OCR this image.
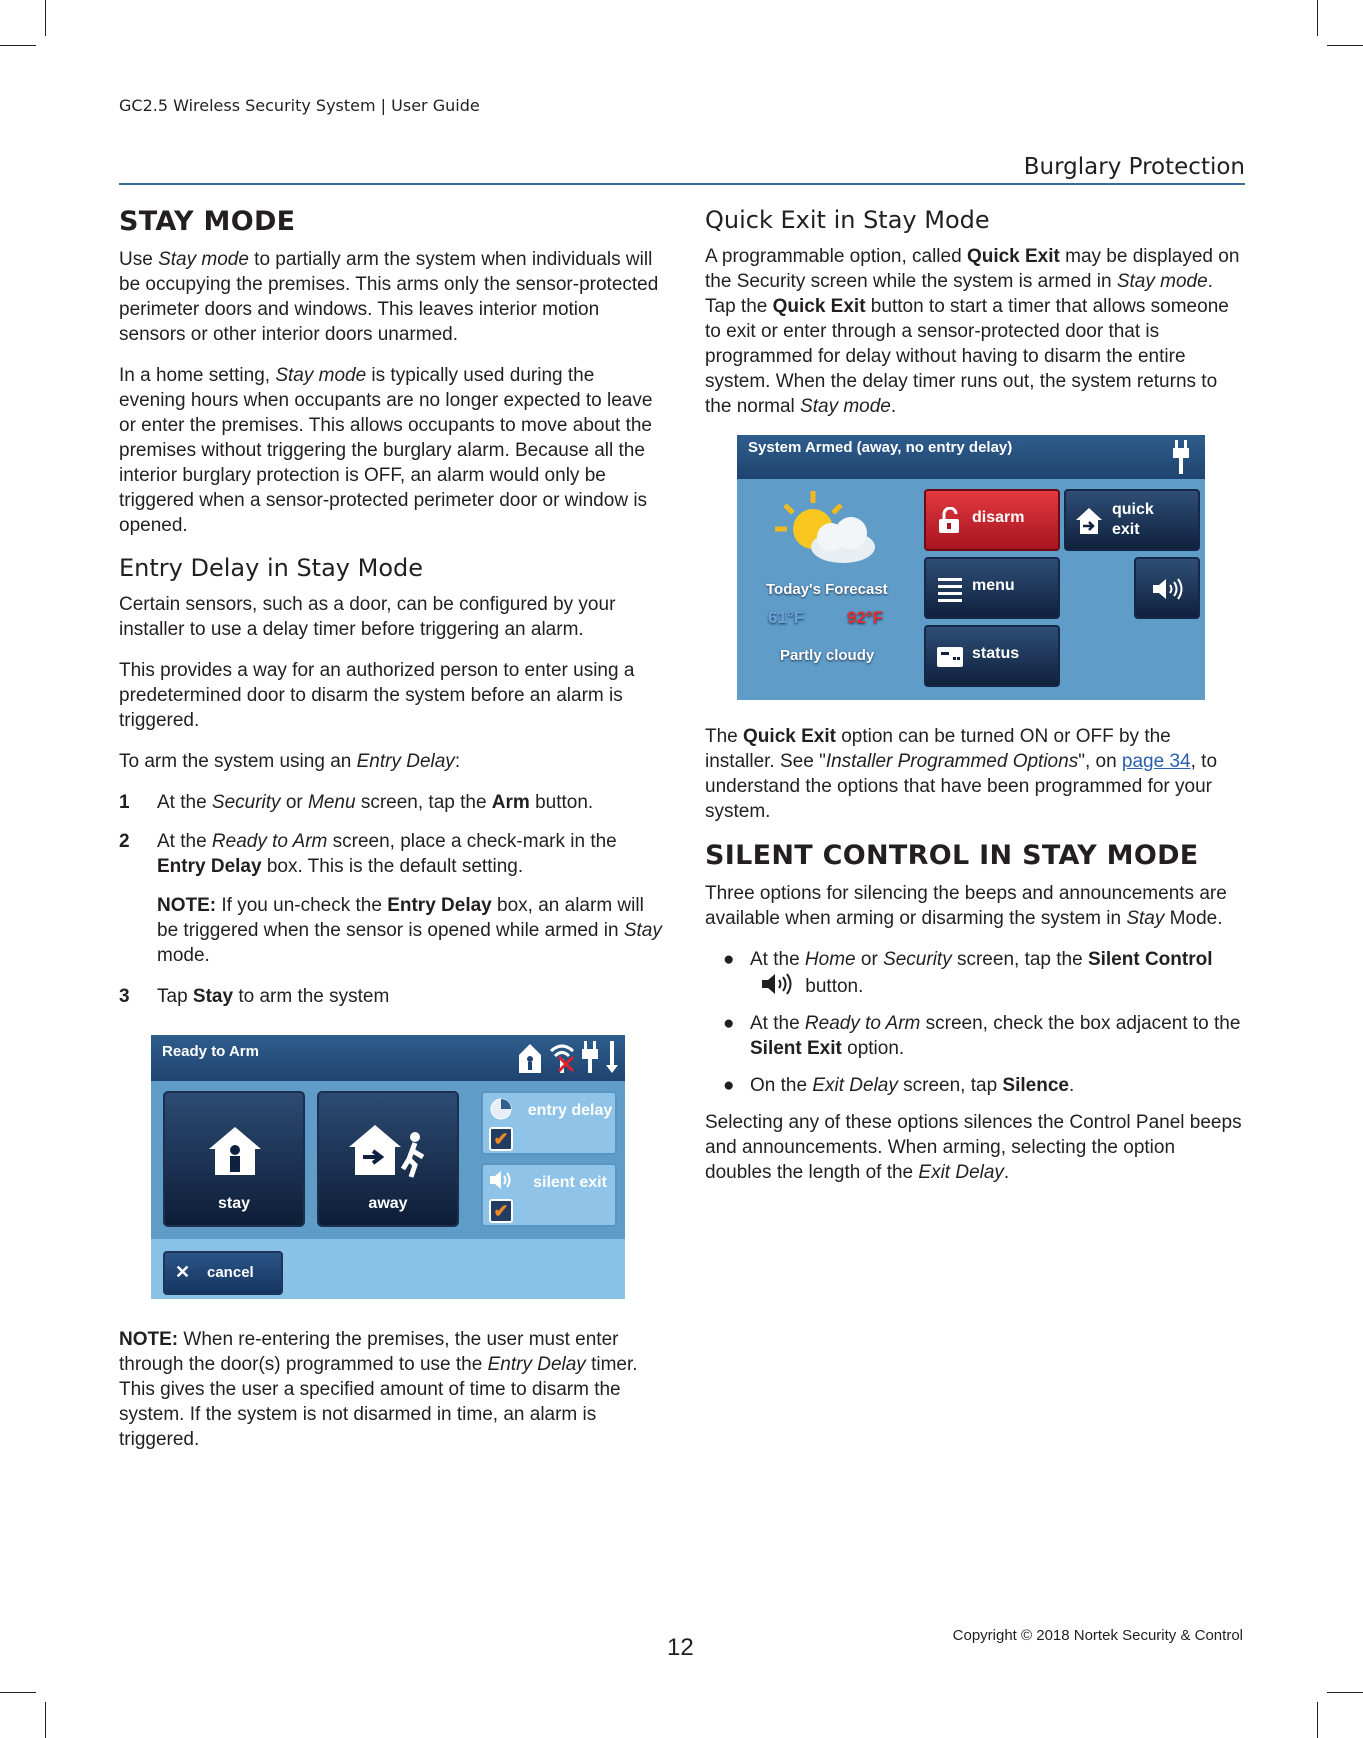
GC2.5 Wireless Security System | User Guide
Burglary Protection
STAY MODE

Use Stay mode to partially arm the system when individuals will be occupying the premises. This arms only the sensor-protected perimeter doors and windows. This leaves interior motion sensors or other interior doors unarmed.

In a home setting, Stay mode is typically used during the evening hours when occupants are no longer expected to leave or enter the premises. This allows occupants to move about the premises without triggering the burglary alarm. Because all the interior burglary protection is OFF, an alarm would only be triggered when a sensor-protected perimeter door or window is opened.

Entry Delay in Stay Mode

Certain sensors, such as a door, can be configured by your installer to use a delay timer before triggering an alarm.

This provides a way for an authorized person to enter using a predetermined door to disarm the system before an alarm is triggered.

To arm the system using an Entry Delay:

1	At the Security or Menu screen, tap the Arm button.
2	At the Ready to Arm screen, place a check-mark in the Entry Delay box. This is the default setting.

NOTE: If you un-check the Entry Delay box, an alarm will be triggered when the sensor is opened while armed in Stay mode.

3	Tap Stay to arm the system
Ready to Arm
stay	away
✔
entry delay
✔
silent exit
✕ cancel

NOTE: When re-entering the premises, the user must enter through the door(s) programmed to use the Entry Delay timer. This gives the user a specified amount of time to disarm the system. If the system is not disarmed in time, an alarm is triggered.

Quick Exit in Stay Mode

A programmable option, called Quick Exit may be displayed on the Security screen while the system is armed in Stay mode. Tap the Quick Exit button to start a timer that allows someone to exit or enter through a sensor-protected door that is programmed for delay without having to disarm the entire system. When the delay timer runs out, the system returns to the normal Stay mode.

System Armed (away, no entry delay)
Today's Forecast
61°F	92°F
Partly cloudy
disarm	quick exit
menu
status

The Quick Exit option can be turned ON or OFF by the installer. See "Installer Programmed Options", on page 34, to understand the options that have been programmed for your system.

SILENT CONTROL IN STAY MODE

Three options for silencing the beeps and announcements are available when arming or disarming the system in Stay Mode.

● At the Home or Security screen, tap the Silent Control  button.
● At the Ready to Arm screen, check the box adjacent to the Silent Exit option.
● On the Exit Delay screen, tap Silence.

Selecting any of these options silences the Control Panel beeps and announcements. When arming, selecting the option doubles the length of the Exit Delay.

Copyright © 2018 Nortek Security & Control
12
